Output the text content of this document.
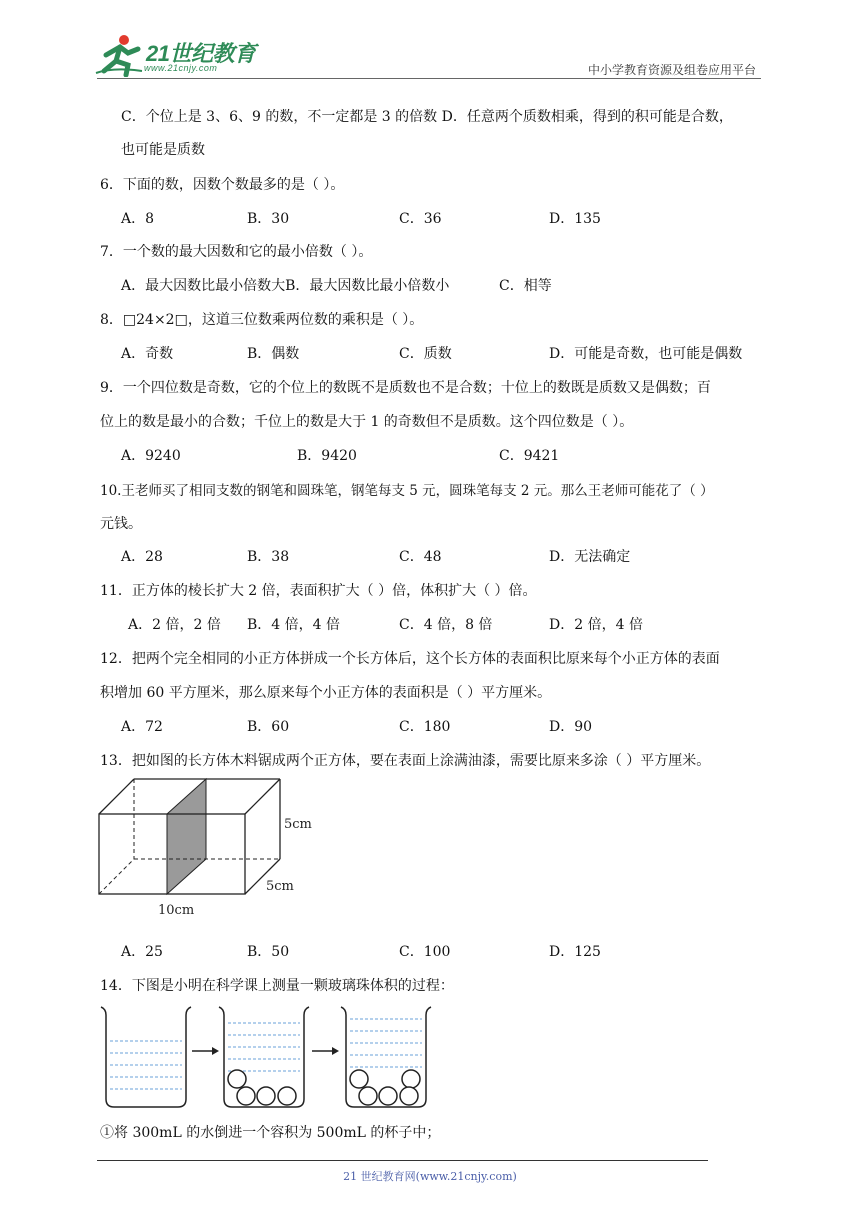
21世纪教育
www.21cnjy.com	中小学教育资源及组卷应用平台
C．个位上是 3、6、9 的数，不一定都是 3 的倍数 D．任意两个质数相乘，得到的积可能是合数，
也可能是质数
6．下面的数，因数个数最多的是（ ）。
A．8	B．30	C．36	D．135
7．一个数的最大因数和它的最小倍数（ ）。
A．最大因数比最小倍数大B．最大因数比最小倍数小	C．相等
8．□24×2□，这道三位数乘两位数的乘积是（ ）。
A．奇数	B．偶数	C．质数	D．可能是奇数，也可能是偶数
9．一个四位数是奇数，它的个位上的数既不是质数也不是合数；十位上的数既是质数又是偶数；百
位上的数是最小的合数；千位上的数是大于 1 的奇数但不是质数。这个四位数是（ ）。
A．9240	B．9420	C．9421
10.王老师买了相同支数的钢笔和圆珠笔，钢笔每支 5 元，圆珠笔每支 2 元。那么王老师可能花了（ ）
元钱。
A．28	B．38	C．48	D．无法确定
11．正方体的棱长扩大 2 倍，表面积扩大（ ）倍，体积扩大（ ）倍。
A．2 倍，2 倍 B．4 倍，4 倍	C．4 倍，8 倍	D．2 倍，4 倍
12．把两个完全相同的小正方体拼成一个长方体后，这个长方体的表面积比原来每个小正方体的表面
积增加 60 平方厘米，那么原来每个小正方体的表面积是（ ）平方厘米。
A．72	B．60	C．180	D．90
13．把如图的长方体木料锯成两个正方体，要在表面上涂满油漆，需要比原来多涂（ ）平方厘米。
5cm
5cm
10cm
A．25	B．50	C．100	D．125
14．下图是小明在科学课上测量一颗玻璃珠体积的过程：
①将 300mL 的水倒进一个容积为 500mL 的杯子中；
21 世纪教育网(www.21cnjy.com)
